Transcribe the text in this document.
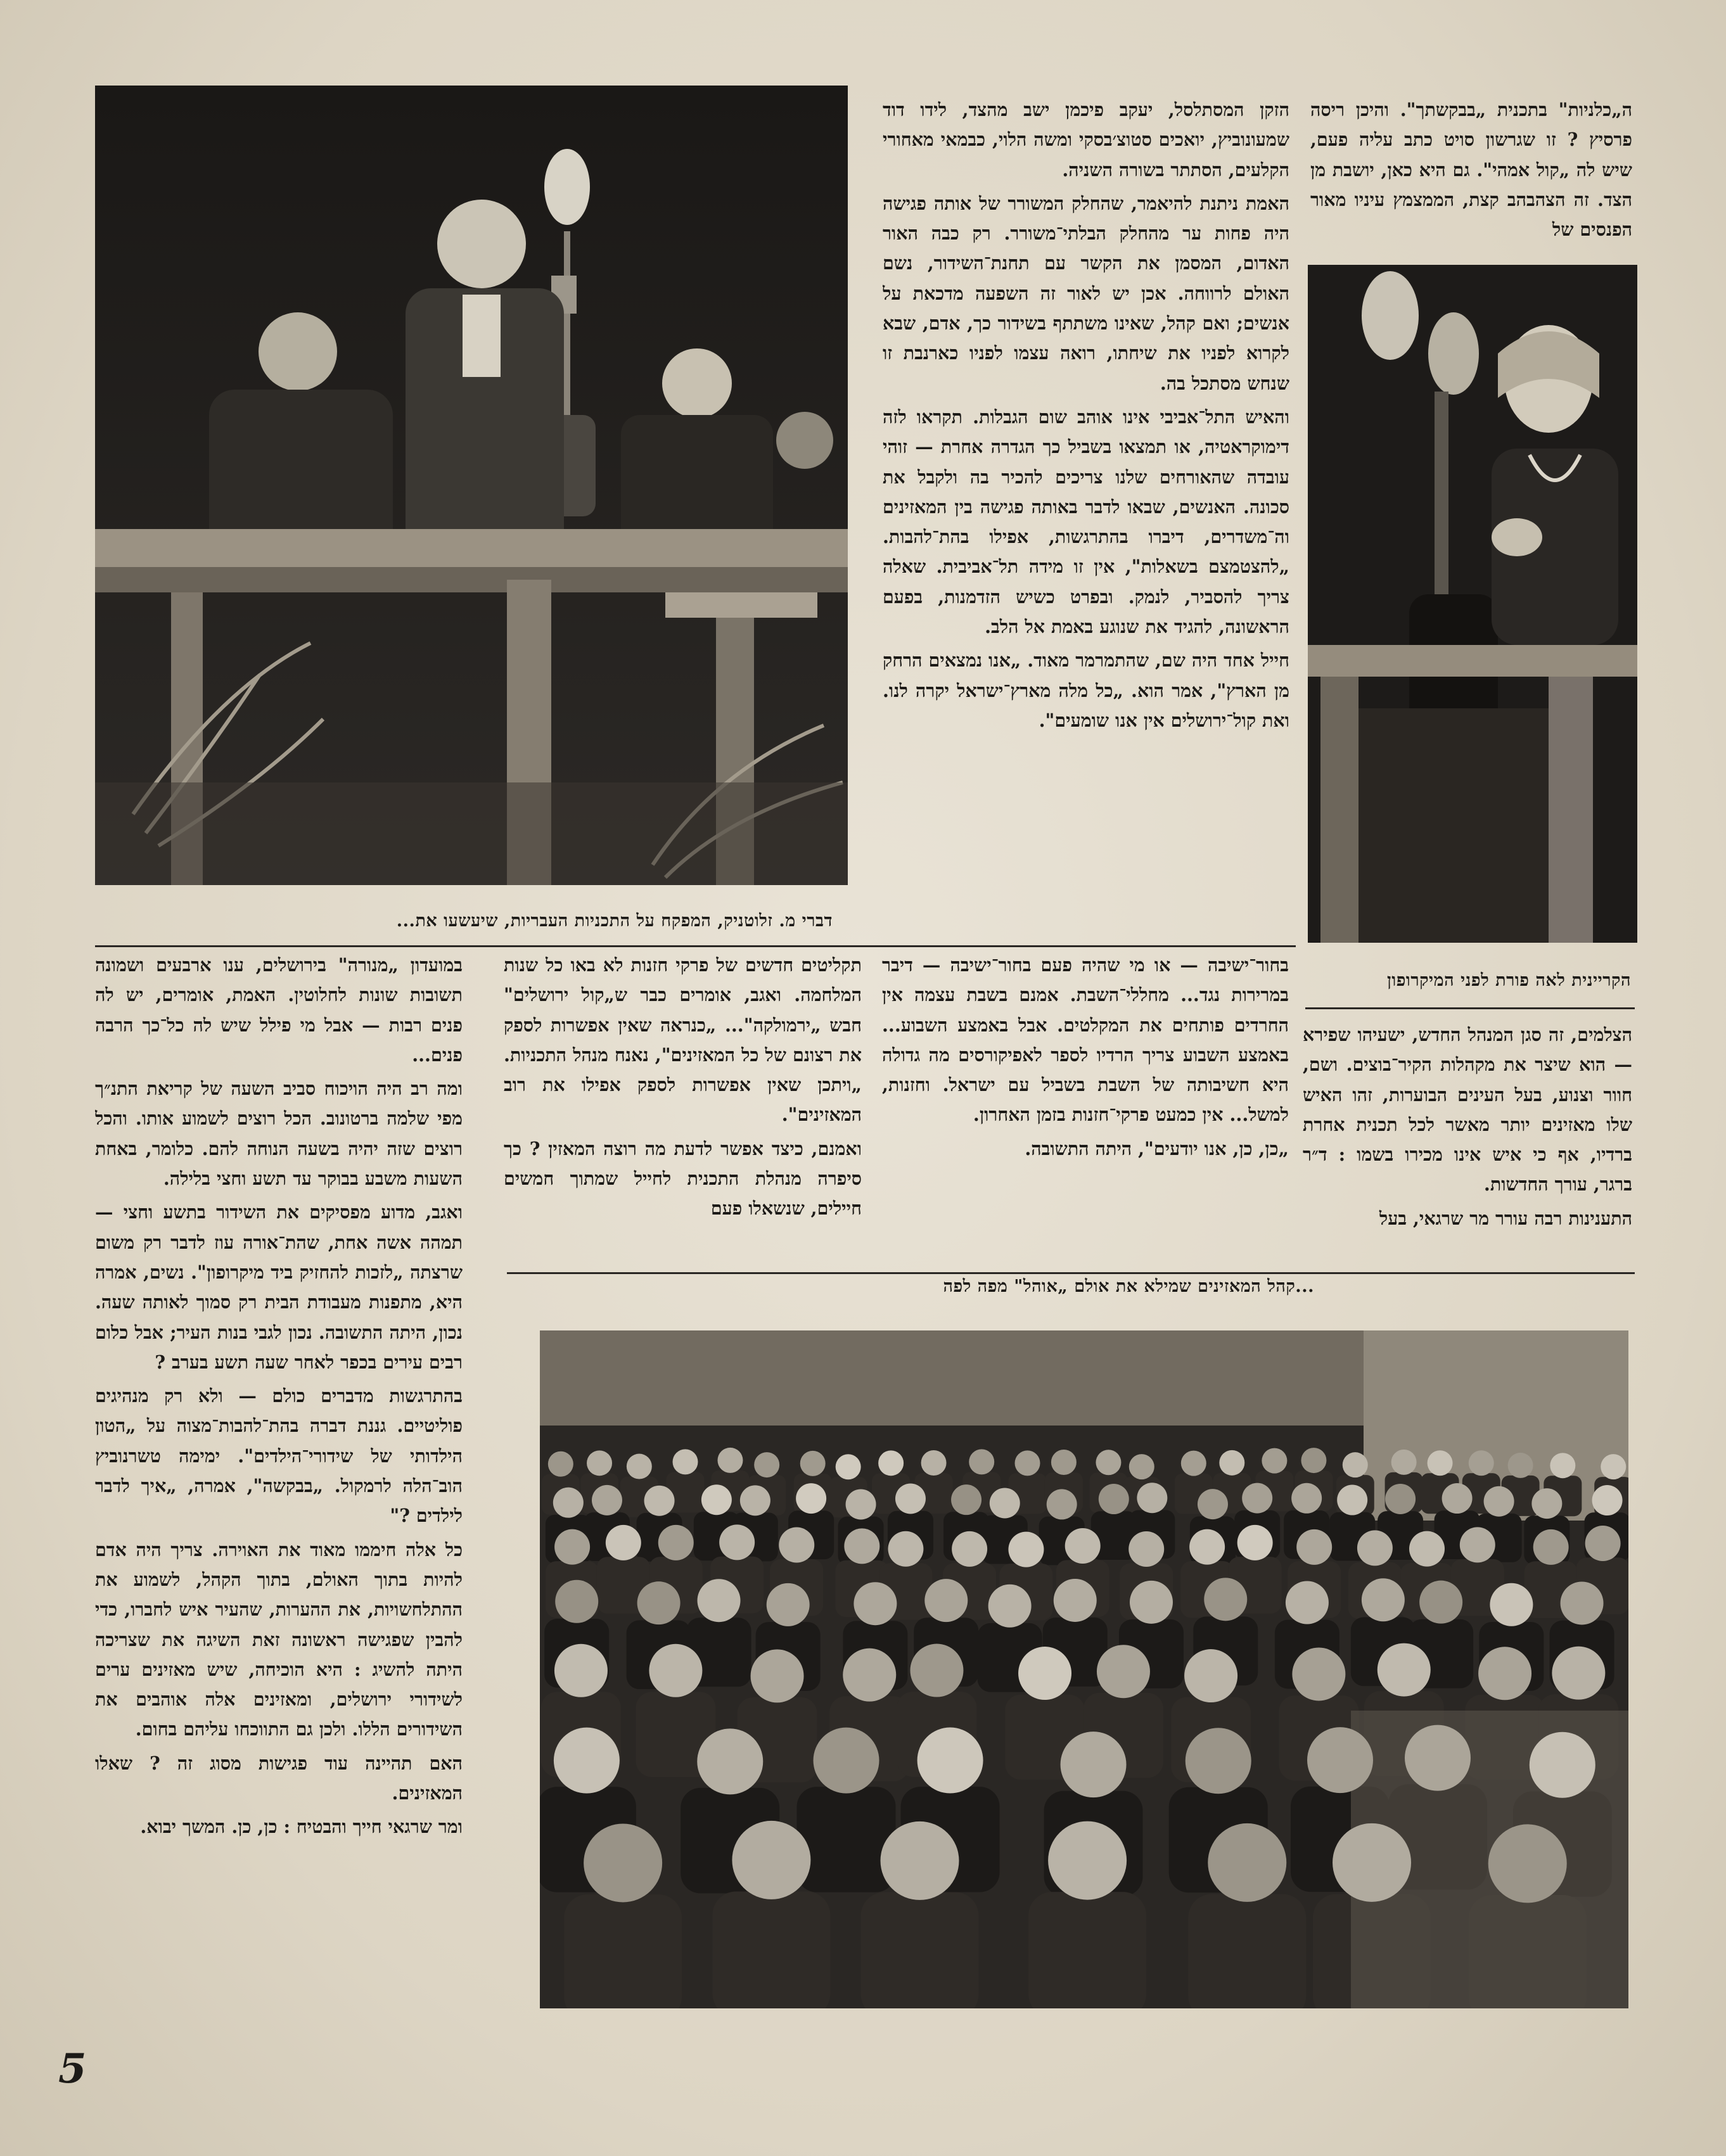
ה„כלניות" בתכנית „בבקשתך". והיכן ריסה פרסיץ ? זו שגרשון סויט כתב עליה פעם, שיש לה „קול אמהי". גם היא כאן, יושבת מן הצד. זה הצהבהב קצת, הממצמץ עיניו מאור הפנסים של

הקריינית לאה פורת לפני המיקרופון

הזקן המסתלסל, יעקב פיכמן ישב מהצד, לידו דוד שמעונוביץ, יואכים סטוצ׳בסקי ומשה הלוי, כבמאי מאחורי הקלעים, הסתתר בשורה השניה.

האמת ניתנת להיאמר, שהחלק המשורר של אותה פגישה היה פחות ער מהחלק הבלתי־משורר. רק כבה האור האדום, המסמן את הקשר עם תחנת־השידור, נשם האולם לרווחה. אכן יש לאור זה השפעה מדכאת על אנשים; ואם קהל, שאינו משתתף בשידור כך, אדם, שבא לקרוא לפניו את שיחתו, רואה עצמו לפניו כארנבת זו שנחש מסתכל בה.

והאיש התל־אביבי אינו אוהב שום הגבלות. תקראו לזה דימוקראטיה, או תמצאו בשביל כך הגדרה אחרת — זוהי עובדה שהאורחים שלנו צריכים להכיר בה ולקבל את סכונה. האנשים, שבאו לדבר באותה פגישה בין המאזינים וה־משדרים, דיברו בהתרגשות, אפילו בהת־להבות. „להצטמצם בשאלות", אין זו מידה תל־אביבית. שאלה צריך להסביר, לנמק. ובפרט כשיש הזדמנות, בפעם הראשונה, להגיד את שנוגע באמת אל הלב.

חייל אחד היה שם, שהתמרמר מאוד. „אנו נמצאים הרחק מן הארץ", אמר הוא. „כל מלה מארץ־ישראל יקרה לנו. ואת קול־ירושלים אין אנו שומעים".

דברי מ. זלוטניק, המפקח על התכניות העבריות, שיעשעו את...

הצלמים, זה סגן המנהל החדש, ישעיהו שפירא — הוא שיצר את מקהלות הקיר־בוצים. ושם, חוור וצנוע, בעל העינים הבוערות, זהו האיש שלו מאזינים יותר מאשר לכל תכנית אחרת ברדיו, אף כי איש אינו מכירו בשמו : ד״ר ברגר, עורך החדשות.

התענינות רבה עורר מר שרגאי, בעל

בחור־ישיבה — או מי שהיה פעם בחור־ישיבה — דיבר במרירות נגד... מחללי־השבת. אמנם בשבת עצמה אין החרדים פותחים את המקלטים. אבל באמצע השבוע... באמצע השבוע צריך הרדיו לספר לאפיקורסים מה גדולה היא חשיבותה של השבת בשביל עם ישראל. וחזנות, למשל... אין כמעט פרקי־חזנות בזמן האחרון.

„כן, כן, אנו יודעים", היתה התשובה.

תקליטים חדשים של פרקי חזנות לא באו כל שנות המלחמה. ואגב, אומרים כבר ש„קול ירושלים" חבש „ירמולקה"... „כנראה שאין אפשרות לספק את רצונם של כל המאזינים", נאנח מנהל התכניות. „ויתכן שאין אפשרות לספק אפילו את רוב המאזינים".

ואמנם, כיצד אפשר לדעת מה רוצה המאזין ? כך סיפרה מנהלת התכנית לחייל שמתוך חמשים חיילים, שנשאלו פעם

במועדון „מנורה" בירושלים, ענו ארבעים ושמונה תשובות שונות לחלוטין. האמת, אומרים, יש לה פנים רבות — אבל מי פילל שיש לה כל־כך הרבה פנים...

ומה רב היה הויכוח סביב השעה של קריאת התנ״ך מפי שלמה ברטונוב. הכל רוצים לשמוע אותו. והכל רוצים שזה יהיה בשעה הנוחה להם. כלומר, באחת השעות משבע בבוקר עד תשע וחצי בלילה.

ואגב, מדוע מפסיקים את השידור בתשע וחצי — תמהה אשה אחת, שהת־אורה עוז לדבר רק משום שרצתה „לזכות להחזיק ביד מיקרופון". נשים, אמרה היא, מתפנות מעבודת הבית רק סמוך לאותה שעה. נכון, היתה התשובה. נכון לגבי בנות העיר; אבל כלום רבים עירים בכפר לאחר שעה תשע בערב ?

בהתרגשות מדברים כולם — ולא רק מנהיגים פוליטיים. גננת דברה בהת־להבות־מצוה על „הטון הילדותי של שידורי־הילדים". ימימה טשרנוביץ הוב־הלה לרמקול. „בבקשה", אמרה, „איך לדבר לילדים ?"

כל אלה חיממו מאוד את האוירה. צריך היה אדם להיות בתוך האולם, בתוך הקהל, לשמוע את ההתלחשויות, את ההערות, שהעיר איש לחברו, כדי להבין שפגישה ראשונה זאת השיגה את שצריכה היתה להשיג : היא הוכיחה, שיש מאזינים ערים לשידורי ירושלים, ומאזינים אלה אוהבים את השידורים הללו. ולכן גם התווכחו עליהם בחום.

האם תהיינה עוד פגישות מסוג זה ? שאלו המאזינים.

ומר שרגאי חייך והבטיח : כן, כן. המשך יבוא.

...קהל המאזינים שמילא את אולם „אוהל" מפה לפה
5
